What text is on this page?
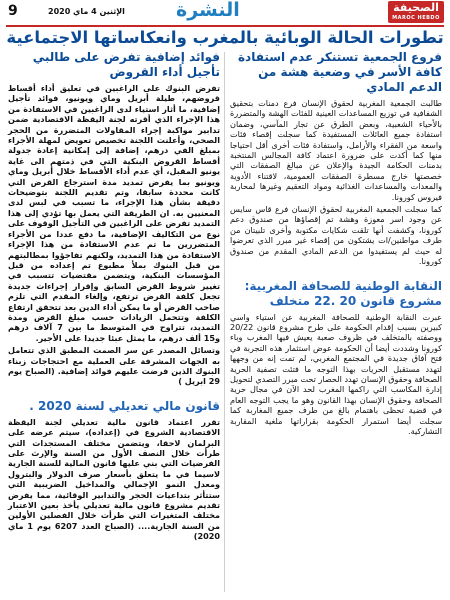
9	الإثنين 4 ماي 2020	النشرة	الصحيفة
MAROC HEBDO
تطورات الحالة الوبائية بالمغرب وانعكاساتها الاجتماعية
فروع الجمعية تستنكر عدم استفادة كافة الأسر في وضعية هشة من الدعم المادي
طالبت الجمعية المغربية لحقوق الإنسان فرع دمنات بتحقيق الشفافية في توزيع المساعدات العينية للفئات الهشة والمتضررة بالأحياء الشعبية، وبعض الطرق عن تجار المآسي، وضمان استفادة جميع العائلات المستفيدة كما سجلت إقصاء فئات واسعة من الفقراء والأرامل، واستفادة فئات أخرى أقل احتياجا منها كما أكدت على ضرورة اعتماد كافة المجالس المنتخبة بدمنات الحكامة الجيدة والإعلان عن مبالغ الصفقات التي خصصتها خارج مسطرة الصفقات العمومية، لاقتناء الأدوية والمعدات والمساعدات الغذائية ومواد التعقيم وغيرها لمحاربة فيروس كورونا.
كما سجلت الجمعية المغربية لحقوق الإنسان فرع قاس سايس عن وجود اسر معوزة وهشة تم إقصاؤها من صندوق دعم كورونا، وكشفت أنها تلقت شكايات مكتوبة وأخرى تلبيتان من طرف مواطنين/ات يشتكون من إقصاء غير مبرر الذي تعرضوا له حيث لم يستفيدوا من الدعم المادي المقدم من صندوق كورونا.
النقابة الوطنية للصحافة المغربية: مشروع قانون 20 .22 متخلف
عبرت النقابة الوطنية للصحافة المغربية عن استياء واسي كبيرين بسبب إقدام الحكومة على طرح مشروع قانون 20/22 ووصفته بالمتخلف في ظروف صعبة يعيش فيها المغرب وباء كورونا وشددت أيضا أن الحكومة عوض استثمار هذه التجربة في فتح آفاق جديدة في المجتمع المغربي، لم تمت إنه من وجهها لتهدد مستقبل الحريات بهذا التوجه ما فتئت تصفية الحرية الصحافة وحقوق الإنسان تهدد الحصار تحت مبرر التصدي لتحويل إدارة المكاسب التي راكمها المغرب لحد الآن في مجال حرية الصحافة وحقوق الإنسان بهذا القانون وهو ما يجب التوجه العام في قضية تحظى باهتمام بالغ من طرف جميع المغاربة كما سجلت أيضا استمرار الحكومة بقراراتها ملغية المقاربة التشاركية.
فوائد إضافية تفرض على طالبي تأجيل أداء القروض
تفرض البنوك على الراغبين في تعليق أداء أقساط قروضهم، طيلة أبريل وماي ويونيو، فوائد تأجيل إضافية، ما أثار استياء لدى الراغبين في الاستفادة من هذا الإجراء الذي أقرته لجنة اليقظة الاقتصادية ضمن تدابير مواكبة إجراء المقاولات المتضررة من الحجر الصحي، وأعلنت اللجنة تخصيص تعويض لمهلة الأجراء بمبلغ الفي درهم، إضافة إلى إمكانية إعادة جدولة أقساط القروض البنكية التي في ذمتهم الى غاية يونيو المقبل، أي عدم أداء الأقساط خلال أبريل وماي ويونيو بما يفرض تمديد مدة استرجاع القرض التي كانت محددة سابقا، وتم تقديم اللجنة بتوضيحات دقيقة بشأن هذا الإجراء، ما تسبب في لبس لدى المعنيين به. ان الطريقة التي يعمل بها تؤدي إلى هذا التمديد تفرض على الراغبين في التأجيل الوقوف على نوع من التكاليف الإضافية، ما دفع عددا من الأجراء المتضررين ما تم عدم الاستفادة من هذا الإجراء الاستفادة من هذا التمديد، ولكنهم تفاجؤوا بمطالبتهم من قبل البنوك بملأ مطبوع تم إعداده من قبل المؤسسات البنكية، ويتضمن مقتضيات تتسبب في تغيير شروط القرض السابق وإقرار إجراءات جديدة تجعل كلفة القرض ترتفع، وإلغاء المقدم التي تلزم صاحب القرض أو ما يمكن أداء الدين بعد تتحقق ارتفاع الكلفة وتتحمل الزيادات حسب مبلغ القرض ومدة التمديد، تتراوح في المتوسط ما بين 7 آلاف درهم و15 ألف درهم، ما يمثل عبئا جديدا على الأجير.
وتسائل المصدر عن سر الصمت المطبق الذي تتعامل به الجهات المشرفة على العملية مع احتجاجات زبناء البنوك الذين فرضت عليهم فوائد إضافية. (الصباح يوم 29 ابريل )
قانون مالي تعديلي لسنة 2020 .
تقرر اعتماد قانون مالية تعديلي لجنة اليقظة الاقتصادية الشروع في (إعداده)، سيتم عرضه على البرلمان لاحقا، ويتضمن مختلف المستجدات التي طرأت خلال النصف الأول من السنة والإرث على الفرضيات التي بني عليها قانون المالية للسنة الجارية لاسيما في ما يتعلق بأسعار صرف الدولار والبترول ومعدل النمو الإجمالي والمداخيل الضريبية التي ستتأثر بتداعيات الحجر والتدابير الوقائية، مما يفرض تقديم مشروع قانون مالية تعديلي يأخذ بعين الاعتبار مختلف المتغيرات التي طرأت خلال الفصلين الأولين من السنة الجارية.... (الصباح العدد 6207 يوم 1 ماي 2020)
